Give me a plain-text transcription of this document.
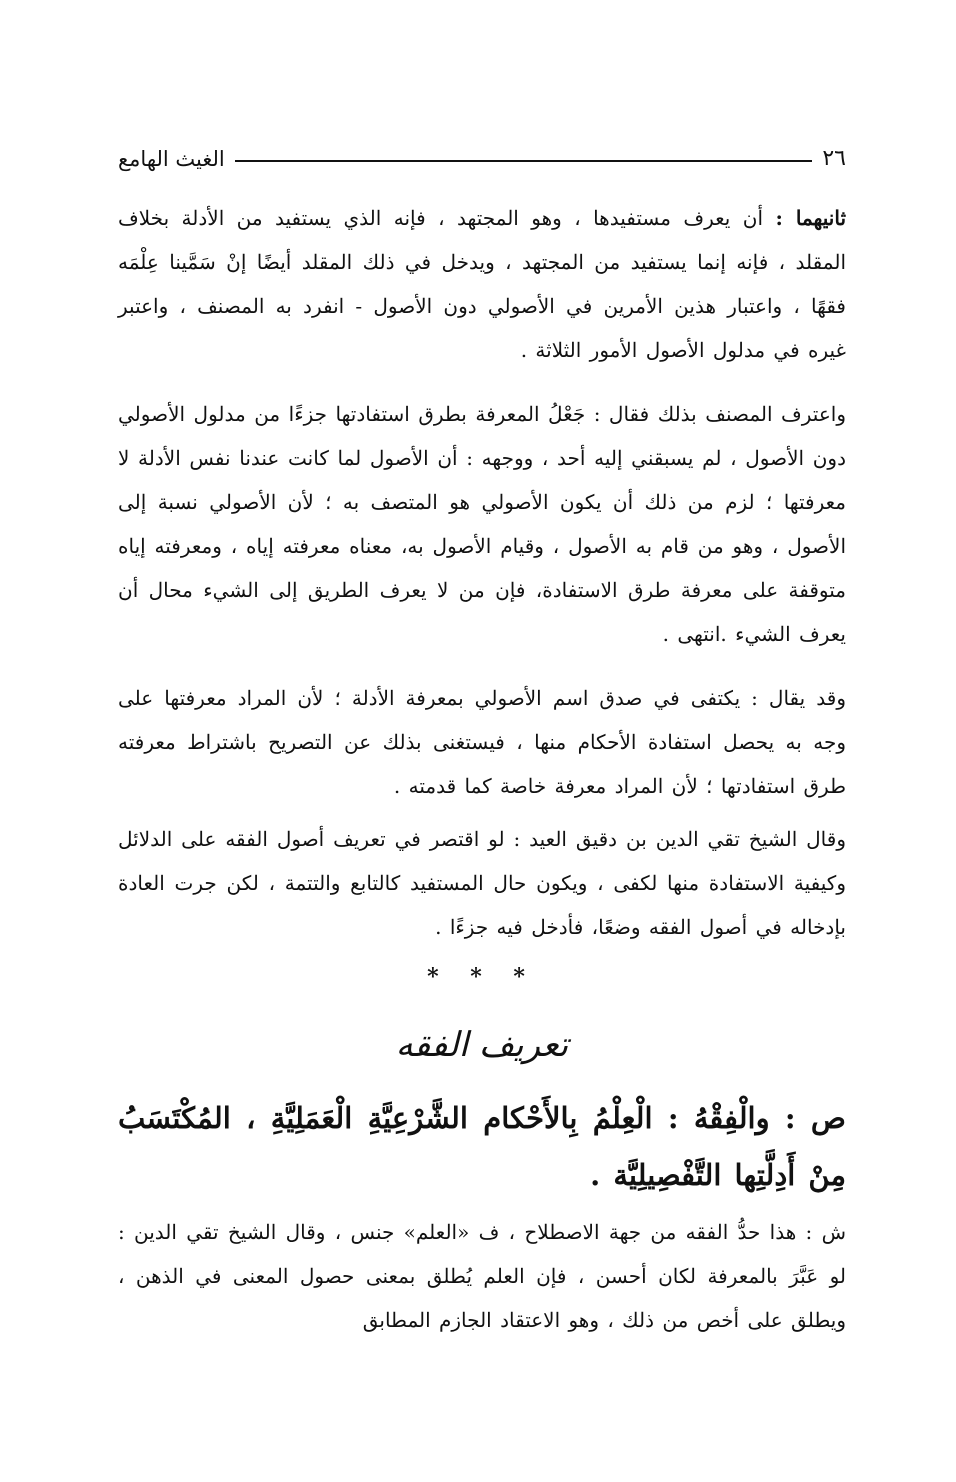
٢٦
الغيث الهامع
ثانيهما : أن يعرف مستفيدها ، وهو المجتهد ، فإنه الذي يستفيد من الأدلة بخلاف المقلد ، فإنه إنما يستفيد من المجتهد ، ويدخل في ذلك المقلد أيضًا إنْ سَمَّينا عِلْمَه فقهًا ، واعتبار هذين الأمرين في الأصولي دون الأصول - انفرد به المصنف ، واعتبر غيره في مدلول الأصول الأمور الثلاثة .
واعترف المصنف بذلك فقال : جَعْلُ المعرفة بطرق استفادتها جزءًا من مدلول الأصولي دون الأصول ، لم يسبقني إليه أحد ، ووجهه : أن الأصول لما كانت عندنا نفس الأدلة لا معرفتها ؛ لزم من ذلك أن يكون الأصولي هو المتصف به ؛ لأن الأصولي نسبة إلى الأصول ، وهو من قام به الأصول ، وقيام الأصول به، معناه معرفته إياه ، ومعرفته إياه متوقفة على معرفة طرق الاستفادة، فإن من لا يعرف الطريق إلى الشيء محال أن يعرف الشيء .انتهى .
وقد يقال : يكتفى في صدق اسم الأصولي بمعرفة الأدلة ؛ لأن المراد معرفتها على وجه به يحصل استفادة الأحكام منها ، فيستغنى بذلك عن التصريح باشتراط معرفته طرق استفادتها ؛ لأن المراد معرفة خاصة كما قدمته .
وقال الشيخ تقي الدين بن دقيق العيد : لو اقتصر في تعريف أصول الفقه على الدلائل وكيفية الاستفادة منها لكفى ، ويكون حال المستفيد كالتابع والتتمة ، لكن جرت العادة بإدخاله في أصول الفقه وضعًا، فأدخل فيه جزءًا .
* * *
تعريف الفقه
ص : والْفِقْهُ : الْعِلْمُ بِالأَحْكام الشَّرْعِيَّةِ الْعَمَلِيَّةِ ، المُكْتَسَبُ مِنْ أَدِلَّتِها التَّفْصِيلِيَّة .
ش : هذا حدُّ الفقه من جهة الاصطلاح ، ف «العلم» جنس ، وقال الشيخ تقي الدين : لو عَبَّرَ بالمعرفة لكان أحسن ، فإن العلم يُطلق بمعنى حصول المعنى في الذهن ، ويطلق على أخص من ذلك ، وهو الاعتقاد الجازم المطابق
